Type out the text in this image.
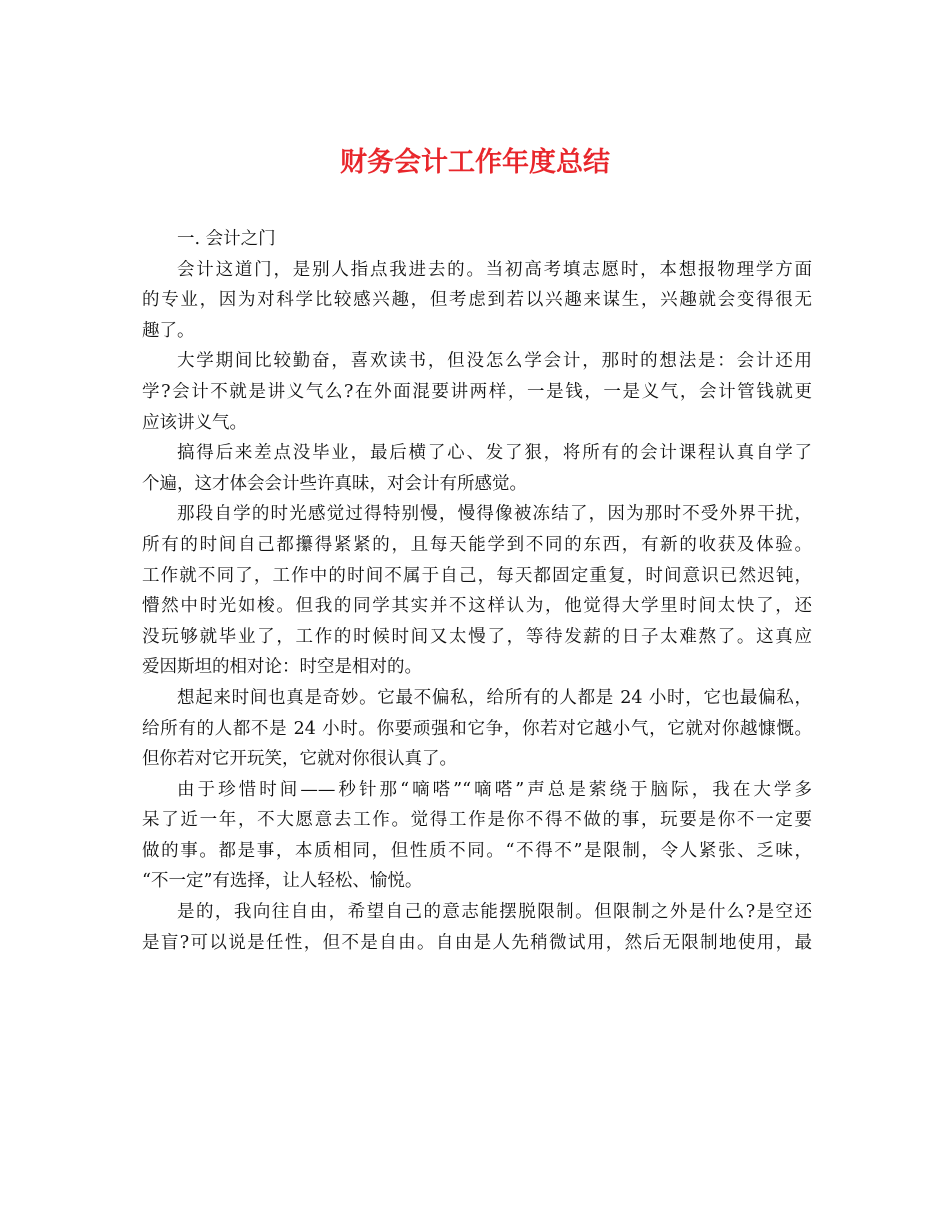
财务会计工作年度总结
一. 会计之门
会计这道门，是别人指点我进去的。当初高考填志愿时，本想报物理学方面
的专业，因为对科学比较感兴趣，但考虑到若以兴趣来谋生，兴趣就会变得很无
趣了。
大学期间比较勤奋，喜欢读书，但没怎么学会计，那时的想法是：会计还用
学?会计不就是讲义气么?在外面混要讲两样，一是钱，一是义气，会计管钱就更
应该讲义气。
搞得后来差点没毕业，最后横了心、发了狠，将所有的会计课程认真自学了
个遍，这才体会会计些许真昧，对会计有所感觉。
那段自学的时光感觉过得特别慢，慢得像被冻结了，因为那时不受外界干扰，
所有的时间自己都攥得紧紧的，且每天能学到不同的东西，有新的收获及体验。
工作就不同了，工作中的时间不属于自己，每天都固定重复，时间意识已然迟钝，
懵然中时光如梭。但我的同学其实并不这样认为，他觉得大学里时间太快了，还
没玩够就毕业了，工作的时候时间又太慢了，等待发薪的日子太难熬了。这真应
爱因斯坦的相对论：时空是相对的。
想起来时间也真是奇妙。它最不偏私，给所有的人都是 24 小时，它也最偏私，
给所有的人都不是 24 小时。你要顽强和它争，你若对它越小气，它就对你越慷慨。
但你若对它开玩笑，它就对你很认真了。
由于珍惜时间——秒针那“嘀嗒”“嘀嗒”声总是萦绕于脑际，我在大学多
呆了近一年，不大愿意去工作。觉得工作是你不得不做的事，玩要是你不一定要
做的事。都是事，本质相同，但性质不同。“不得不”是限制，令人紧张、乏味，
“不一定”有选择，让人轻松、愉悦。
是的，我向往自由，希望自己的意志能摆脱限制。但限制之外是什么?是空还
是盲?可以说是任性，但不是自由。自由是人先稍微试用，然后无限制地使用，最
